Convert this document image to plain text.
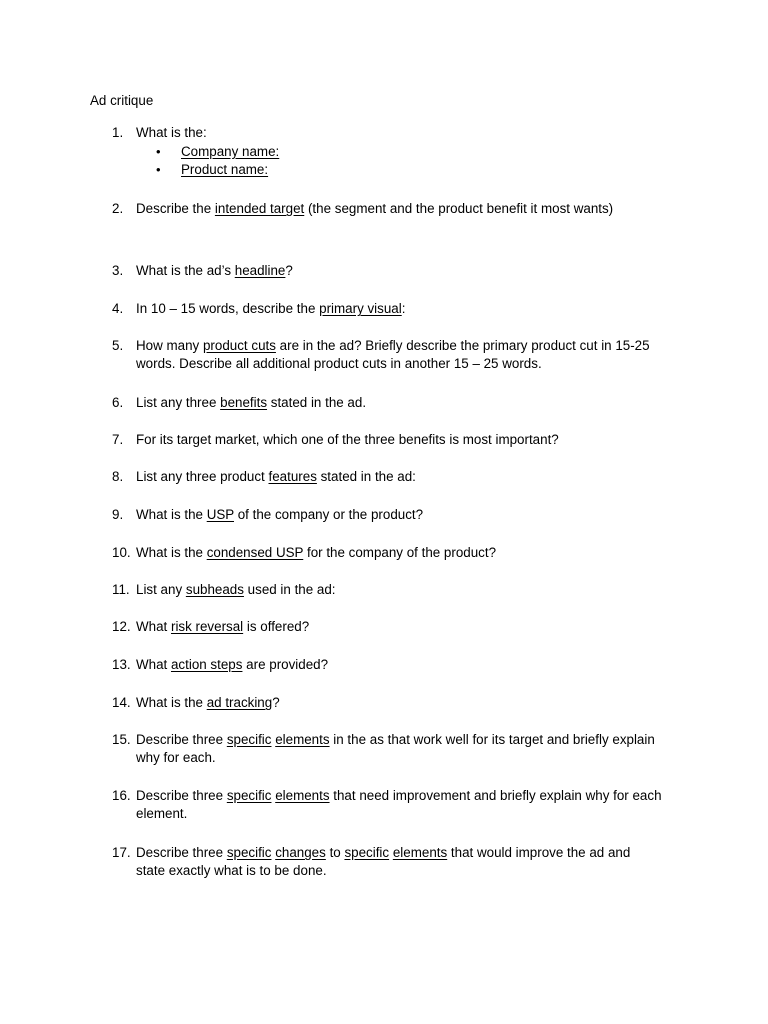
Ad critique
1. What is the:
2. Describe the intended target (the segment and the product benefit it most wants)
3. What is the ad’s headline?
4. In 10 – 15 words, describe the primary visual:
5. How many product cuts are in the ad? Briefly describe the primary product cut in 15-25
words. Describe all additional product cuts in another 15 – 25 words.
6. List any three benefits stated in the ad.
7. For its target market, which one of the three benefits is most important?
8. List any three product features stated in the ad:
9. What is the USP of the company or the product?
10. What is the condensed USP for the company of the product?
11. List any subheads used in the ad:
12. What risk reversal is offered?
13. What action steps are provided?
14. What is the ad tracking?
15. Describe three specific elements in the as that work well for its target and briefly explain
why for each.
16. Describe three specific elements that need improvement and briefly explain why for each
element.
17. Describe three specific changes to specific elements that would improve the ad and
state exactly what is to be done.
• Company name:
• Product name:
